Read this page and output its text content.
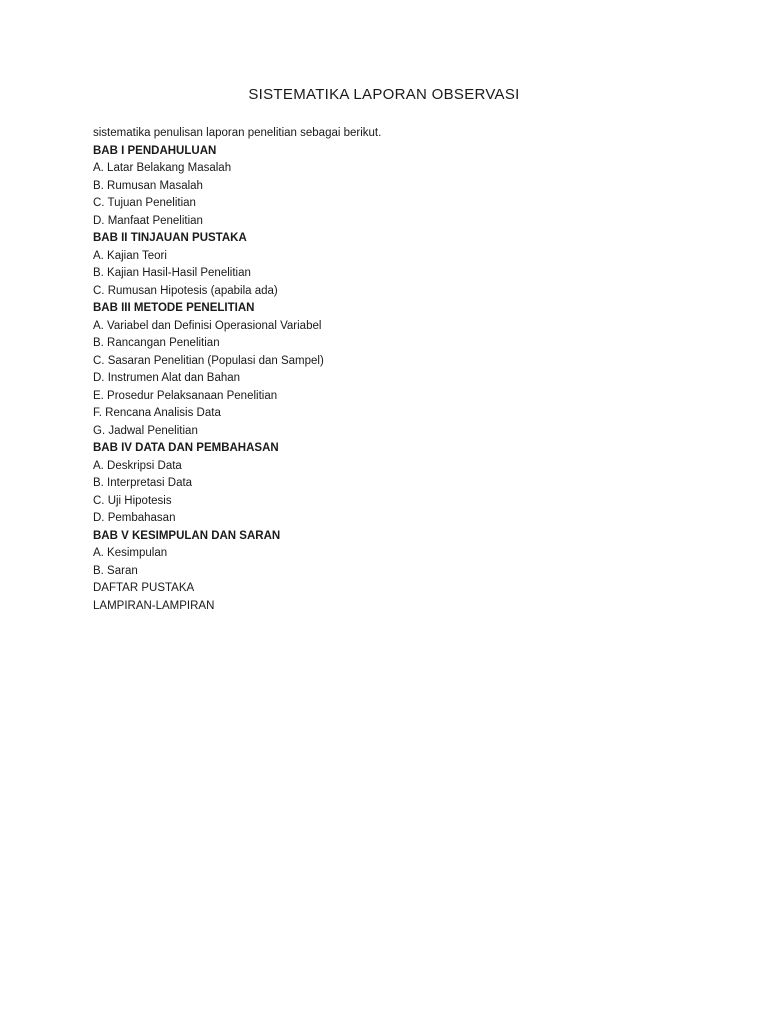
SISTEMATIKA LAPORAN OBSERVASI
sistematika penulisan laporan penelitian sebagai berikut.
BAB I PENDAHULUAN
A. Latar Belakang Masalah
B. Rumusan Masalah
C. Tujuan Penelitian
D. Manfaat Penelitian
BAB II TINJAUAN PUSTAKA
A. Kajian Teori
B. Kajian Hasil-Hasil Penelitian
C. Rumusan Hipotesis (apabila ada)
BAB III METODE PENELITIAN
A. Variabel dan Definisi Operasional Variabel
B. Rancangan Penelitian
C. Sasaran Penelitian (Populasi dan Sampel)
D. Instrumen Alat dan Bahan
E. Prosedur Pelaksanaan Penelitian
F. Rencana Analisis Data
G. Jadwal Penelitian
BAB IV DATA DAN PEMBAHASAN
A. Deskripsi Data
B. Interpretasi Data
C. Uji Hipotesis
D. Pembahasan
BAB V KESIMPULAN DAN SARAN
A. Kesimpulan
B. Saran
DAFTAR PUSTAKA
LAMPIRAN-LAMPIRAN
